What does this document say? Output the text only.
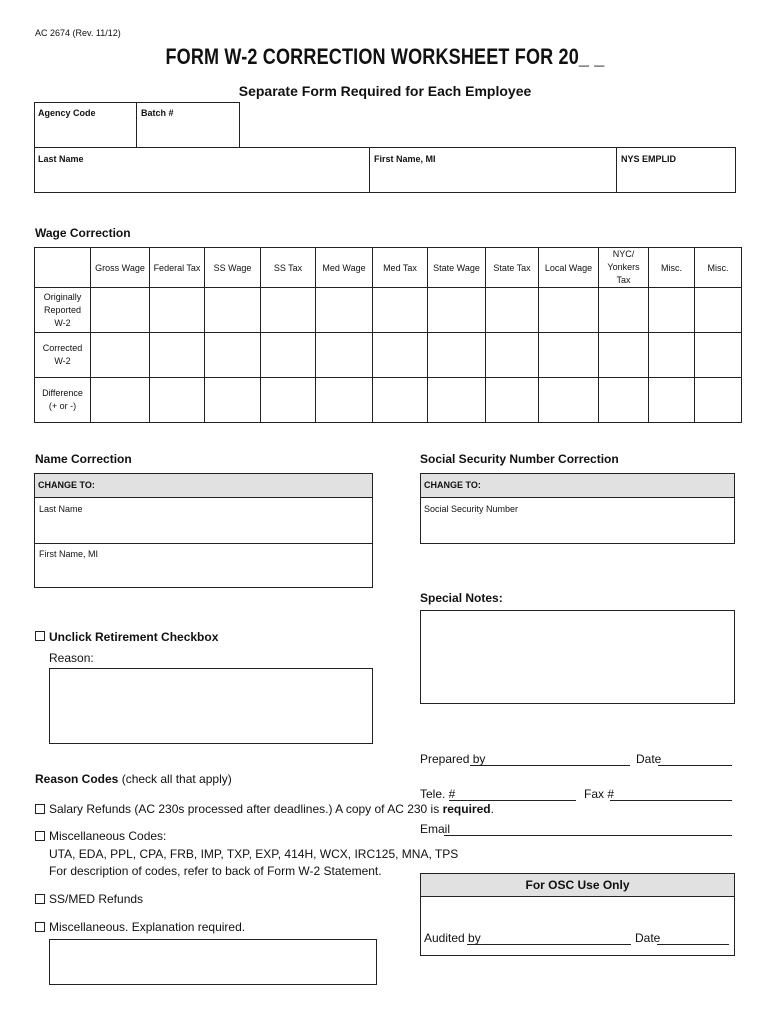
AC 2674 (Rev. 11/12)
FORM W-2 CORRECTION WORKSHEET FOR 20_ _
Separate Form Required for Each Employee
Agency Code	Batch #
Last Name	First Name, MI	NYS EMPLID
Wage Correction
	Gross Wage	Federal Tax	SS Wage	SS Tax	Med Wage	Med Tax	State Wage	State Tax	Local Wage	NYC/ Yonkers Tax	Misc.	Misc.

Originally
Reported
W-2												

Corrected
W-2												

Difference
(+ or -)												

Name Correction
CHANGE TO:
Last Name
First Name, MI
Social Security Number Correction
CHANGE TO:
Social Security Number
Special Notes:
Unclick Retirement Checkbox
Reason:
Reason Codes (check all that apply)
Salary Refunds (AC 230s processed after deadlines.) A copy of AC 230 is required.
Miscellaneous Codes:
UTA, EDA, PPL, CPA, FRB, IMP, TXP, EXP, 414H, WCX, IRC125, MNA, TPS
For description of codes, refer to back of Form W-2 Statement.
SS/MED Refunds
Miscellaneous. Explanation required.
Prepared by	Date
Tele. #	Fax #
Email
For OSC Use Only
Audited by	Date
